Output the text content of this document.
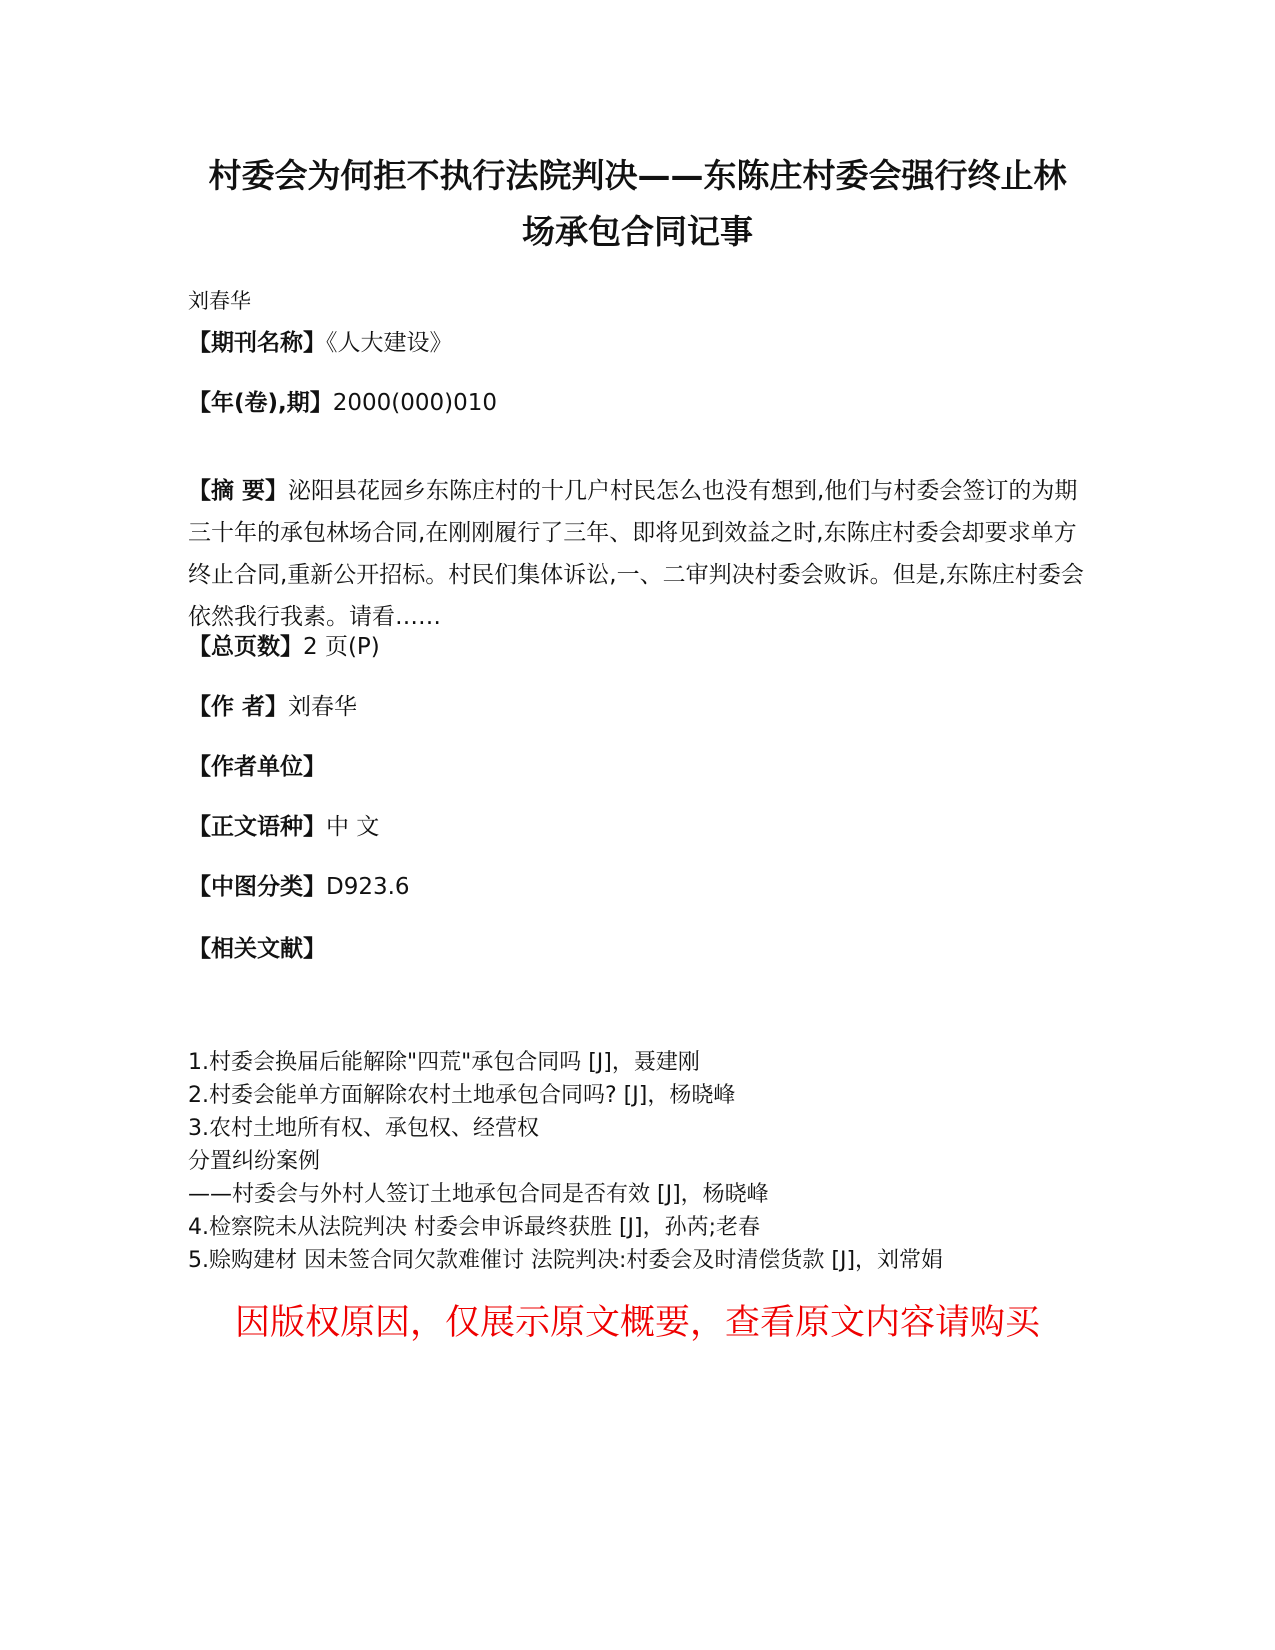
村委会为何拒不执行法院判决——东陈庄村委会强行终止林
场承包合同记事
刘春华
【期刊名称】《人大建设》
【年(卷),期】2000(000)010
【摘 要】泌阳县花园乡东陈庄村的十几户村民怎么也没有想到,他们与村委会签订的为期三十年的承包林场合同,在刚刚履行了三年、即将见到效益之时,东陈庄村委会却要求单方终止合同,重新公开招标。村民们集体诉讼,一、二审判决村委会败诉。但是,东陈庄村委会依然我行我素。请看……
【总页数】2 页(P)
【作 者】刘春华
【作者单位】
【正文语种】中 文
【中图分类】D923.6
【相关文献】
1.村委会换届后能解除"四荒"承包合同吗 [J]，聂建刚
2.村委会能单方面解除农村土地承包合同吗? [J]，杨晓峰
3.农村土地所有权、承包权、经营权
分置纠纷案例
——村委会与外村人签订土地承包合同是否有效 [J]，杨晓峰
4.检察院未从法院判决 村委会申诉最终获胜 [J]，孙芮;老春
5.赊购建材 因未签合同欠款难催讨 法院判决:村委会及时清偿货款 [J]，刘常娟
因版权原因，仅展示原文概要，查看原文内容请购买
